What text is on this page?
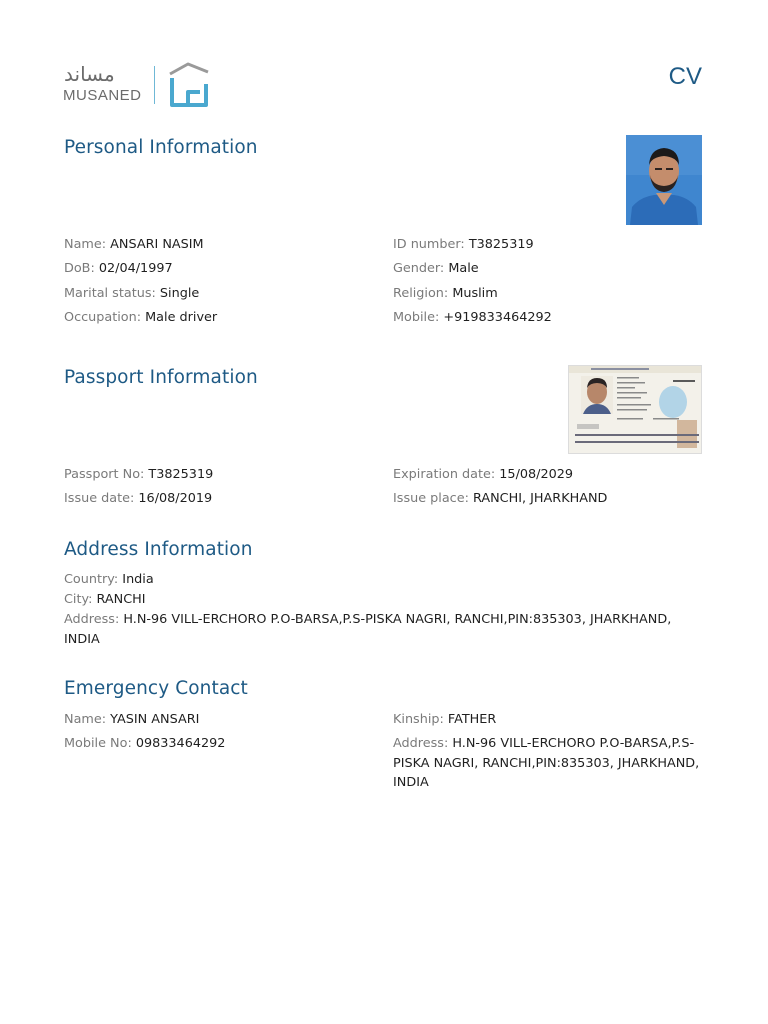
مساند
MUSANED
CV
Personal Information
Name: ANSARI NASIM	ID number: T3825319
DoB: 02/04/1997	Gender: Male
Marital status: Single	Religion: Muslim
Occupation: Male driver	Mobile: +919833464292
Passport Information
Passport No: T3825319	Expiration date: 15/08/2029
Issue date: 16/08/2019	Issue place: RANCHI, JHARKHAND
Address Information
Country: India
City: RANCHI
Address: H.N-96 VILL-ERCHORO P.O-BARSA,P.S-PISKA NAGRI, RANCHI,PIN:835303, JHARKHAND, INDIA
Emergency Contact
Name: YASIN ANSARI	Kinship: FATHER
Mobile No: 09833464292	Address: H.N-96 VILL-ERCHORO P.O-BARSA,P.S-PISKA NAGRI, RANCHI,PIN:835303, JHARKHAND, INDIA
